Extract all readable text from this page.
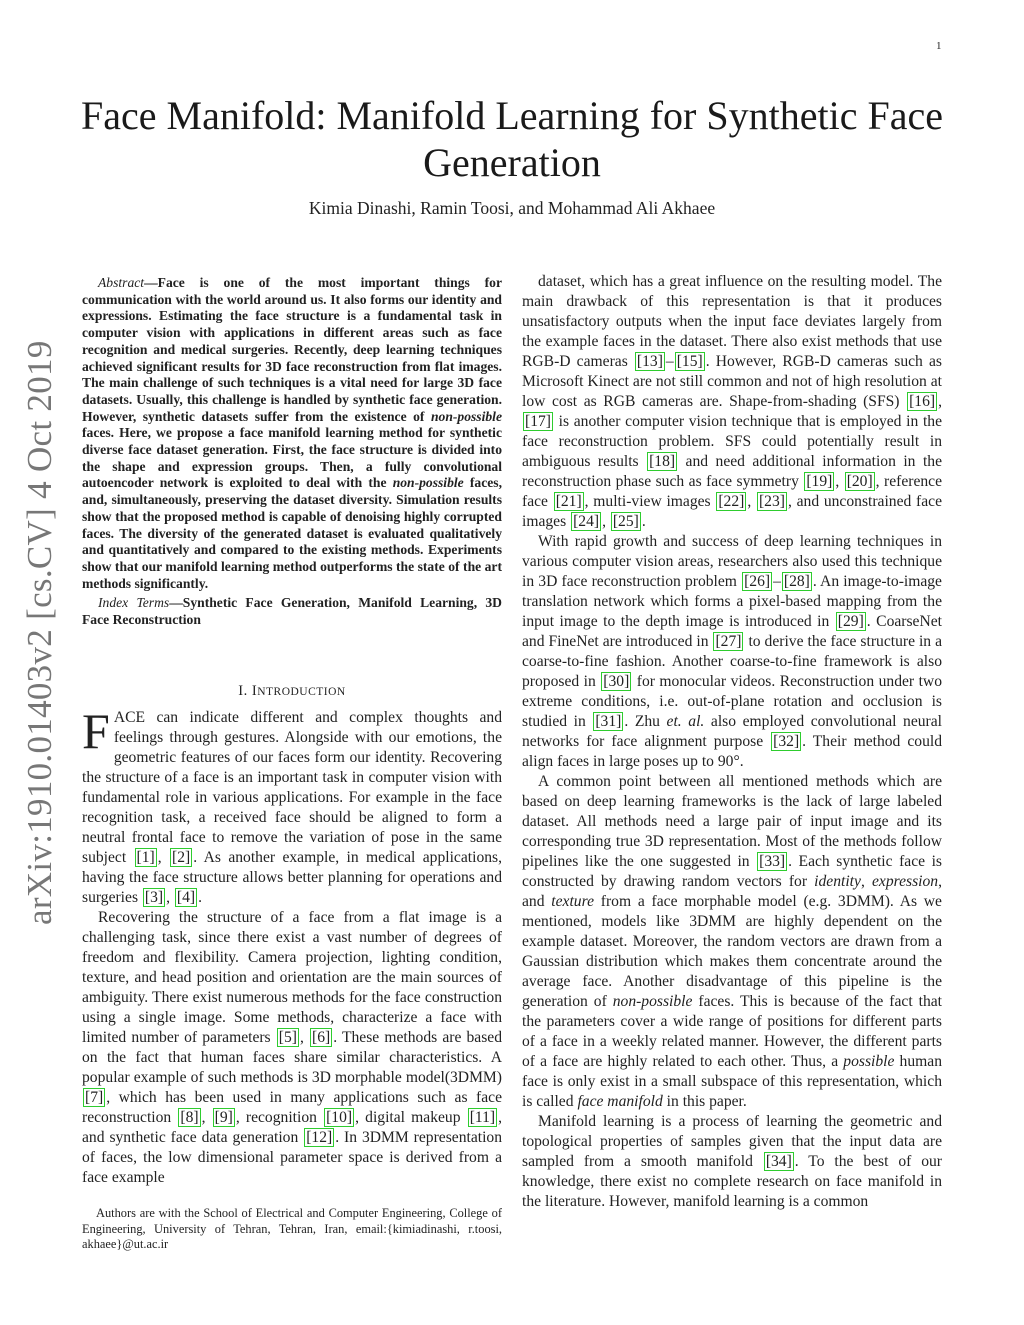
1
arXiv:1910.01403v2 [cs.CV] 4 Oct 2019
Face Manifold: Manifold Learning for Synthetic Face Generation
Kimia Dinashi, Ramin Toosi, and Mohammad Ali Akhaee

Abstract—Face is one of the most important things for communication with the world around us. It also forms our identity and expressions. Estimating the face structure is a fundamental task in computer vision with applications in different areas such as face recognition and medical surgeries. Recently, deep learning techniques achieved significant results for 3D face reconstruction from flat images. The main challenge of such techniques is a vital need for large 3D face datasets. Usually, this challenge is handled by synthetic face generation. However, synthetic datasets suffer from the existence of non-possible faces. Here, we propose a face manifold learning method for synthetic diverse face dataset generation. First, the face structure is divided into the shape and expression groups. Then, a fully convolutional autoencoder network is exploited to deal with the non-possible faces, and, simultaneously, preserving the dataset diversity. Simulation results show that the proposed method is capable of denoising highly corrupted faces. The diversity of the generated dataset is evaluated qualitatively and quantitatively and compared to the existing methods. Experiments show that our manifold learning method outperforms the state of the art methods significantly.

Index Terms—Synthetic Face Generation, Manifold Learning, 3D Face Reconstruction

I. INTRODUCTION

FACE can indicate different and complex thoughts and feelings through gestures. Alongside with our emotions, the geometric features of our faces form our identity. Recovering the structure of a face is an important task in computer vision with fundamental role in various applications. For example in the face recognition task, a received face should be aligned to form a neutral frontal face to remove the variation of pose in the same subject [1] , [2] . As another example, in medical applications, having the face structure allows better planning for operations and surgeries [3] , [4] .

Recovering the structure of a face from a flat image is a challenging task, since there exist a vast number of degrees of freedom and flexibility. Camera projection, lighting condition, texture, and head position and orientation are the main sources of ambiguity. There exist numerous methods for the face construction using a single image. Some methods, characterize a face with limited number of parameters [5] , [6] . These methods are based on the fact that human faces share similar characteristics. A popular example of such methods is 3D morphable model(3DMM) [7] , which has been used in many applications such as face reconstruction [8] , [9] , recognition [10] , digital makeup [11] , and synthetic face data generation [12] . In 3DMM representation of faces, the low dimensional parameter space is derived from a face example

dataset, which has a great influence on the resulting model. The main drawback of this representation is that it produces unsatisfactory outputs when the input face deviates largely from the example faces in the dataset. There also exist methods that use RGB-D cameras [13] – [15] . However, RGB-D cameras such as Microsoft Kinect are not still common and not of high resolution at low cost as RGB cameras are. Shape-from-shading (SFS) [16] , [17] is another computer vision technique that is employed in the face reconstruction problem. SFS could potentially result in ambiguous results [18] and need additional information in the reconstruction phase such as face symmetry [19] , [20] , reference face [21] , multi-view images [22] , [23] , and unconstrained face images [24] , [25] .

With rapid growth and success of deep learning techniques in various computer vision areas, researchers also used this technique in 3D face reconstruction problem [26] – [28] . An image-to-image translation network which forms a pixel-based mapping from the input image to the depth image is introduced in [29] . CoarseNet and FineNet are introduced in [27] to derive the face structure in a coarse-to-fine fashion. Another coarse-to-fine framework is also proposed in [30] for monocular videos. Reconstruction under two extreme conditions, i.e. out-of-plane rotation and occlusion is studied in [31] . Zhu et. al. also employed convolutional neural networks for face alignment purpose [32] . Their method could align faces in large poses up to 90°.

A common point between all mentioned methods which are based on deep learning frameworks is the lack of large labeled dataset. All methods need a large pair of input image and its corresponding true 3D representation. Most of the methods follow pipelines like the one suggested in [33] . Each synthetic face is constructed by drawing random vectors for identity, expression, and texture from a face morphable model (e.g. 3DMM). As we mentioned, models like 3DMM are highly dependent on the example dataset. Moreover, the random vectors are drawn from a Gaussian distribution which makes them concentrate around the average face. Another disadvantage of this pipeline is the generation of non-possible faces. This is because of the fact that the parameters cover a wide range of positions for different parts of a face in a weekly related manner. However, the different parts of a face are highly related to each other. Thus, a possible human face is only exist in a small subspace of this representation, which is called face manifold in this paper.

Manifold learning is a process of learning the geometric and topological properties of samples given that the input data are sampled from a smooth manifold [34] . To the best of our knowledge, there exist no complete research on face manifold in the literature. However, manifold learning is a common

Authors are with the School of Electrical and Computer Engineering, College of Engineering, University of Tehran, Tehran, Iran, email:{kimiadinashi, r.toosi, akhaee}@ut.ac.ir
